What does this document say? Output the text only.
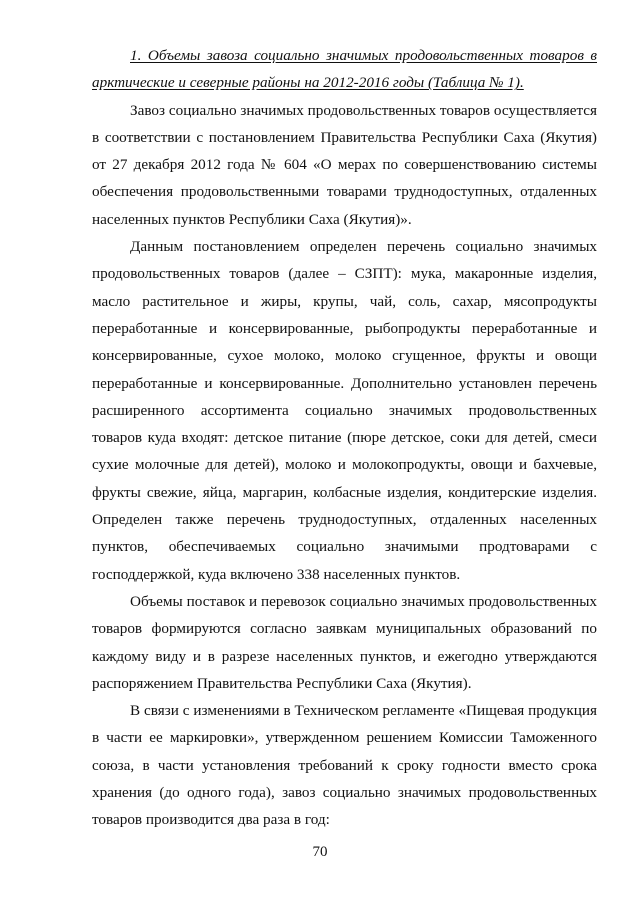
1. Объемы завоза социально значимых продовольственных товаров в арктические и северные районы на 2012-2016 годы (Таблица № 1).

Завоз социально значимых продовольственных товаров осуществляется в соответствии с постановлением Правительства Республики Саха (Якутия) от 27 декабря 2012 года № 604 «О мерах по совершенствованию системы обеспечения продовольственными товарами труднодоступных, отдаленных населенных пунктов Республики Саха (Якутия)».

Данным постановлением определен перечень социально значимых продовольственных товаров (далее – СЗПТ): мука, макаронные изделия, масло растительное и жиры, крупы, чай, соль, сахар, мясопродукты переработанные и консервированные, рыбопродукты переработанные и консервированные, сухое молоко, молоко сгущенное, фрукты и овощи переработанные и консервированные. Дополнительно установлен перечень расширенного ассортимента социально значимых продовольственных товаров куда входят: детское питание (пюре детское, соки для детей, смеси сухие молочные для детей), молоко и молокопродукты, овощи и бахчевые, фрукты свежие, яйца, маргарин, колбасные изделия, кондитерские изделия. Определен также перечень труднодоступных, отдаленных населенных пунктов, обеспечиваемых социально значимыми продтоварами с господдержкой, куда включено 338 населенных пунктов.

Объемы поставок и перевозок социально значимых продовольственных товаров формируются согласно заявкам муниципальных образований по каждому виду и в разрезе населенных пунктов, и ежегодно утверждаются распоряжением Правительства Республики Саха (Якутия).

В связи с изменениями в Техническом регламенте «Пищевая продукция в части ее маркировки», утвержденном решением Комиссии Таможенного союза, в части установления требований к сроку годности вместо срока хранения (до одного года), завоз социально значимых продовольственных товаров производится два раза в год:

70
